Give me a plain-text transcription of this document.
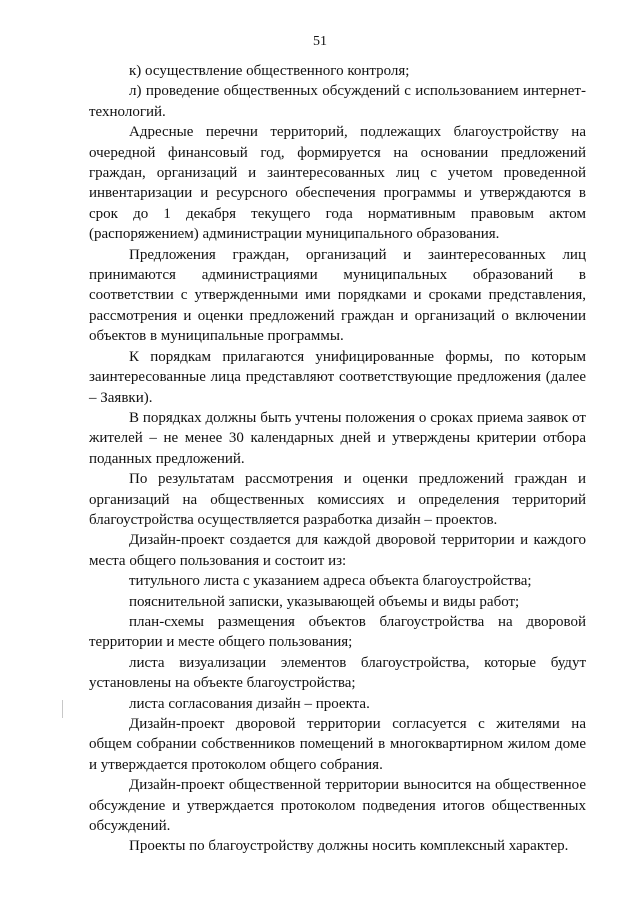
51

к) осуществление общественного контроля;

л) проведение общественных обсуждений с использованием интернет-технологий.

Адресные перечни территорий, подлежащих благоустройству на очередной финансовый год, формируется на основании предложений граждан, организаций и заинтересованных лиц с учетом проведенной инвентаризации и ресурсного обеспечения программы и утверждаются в срок до 1 декабря текущего года нормативным правовым актом (распоряжением) администрации муниципального образования.

Предложения граждан, организаций и заинтересованных лиц принимаются администрациями муниципальных образований в соответствии с утвержденными ими порядками и сроками представления, рассмотрения и оценки предложений граждан и организаций о включении объектов в муниципальные программы.

К порядкам прилагаются унифицированные формы, по которым заинтересованные лица представляют соответствующие предложения (далее – Заявки).

В порядках должны быть учтены положения о сроках приема заявок от жителей – не менее 30 календарных дней и утверждены критерии отбора поданных предложений.

По результатам рассмотрения и оценки предложений граждан и организаций на общественных комиссиях и определения территорий благоустройства осуществляется разработка дизайн – проектов.

Дизайн-проект создается для каждой дворовой территории и каждого места общего пользования и состоит из:

титульного листа с указанием адреса объекта благоустройства;

пояснительной записки, указывающей объемы и виды работ;

план-схемы размещения объектов благоустройства на дворовой территории и месте общего пользования;

листа визуализации элементов благоустройства, которые будут установлены на объекте благоустройства;

листа согласования дизайн – проекта.

Дизайн-проект дворовой территории согласуется с жителями на общем собрании собственников помещений в многоквартирном жилом доме и утверждается протоколом общего собрания.

Дизайн-проект общественной территории выносится на общественное обсуждение и утверждается протоколом подведения итогов общественных обсуждений.

Проекты по благоустройству должны носить комплексный характер.
